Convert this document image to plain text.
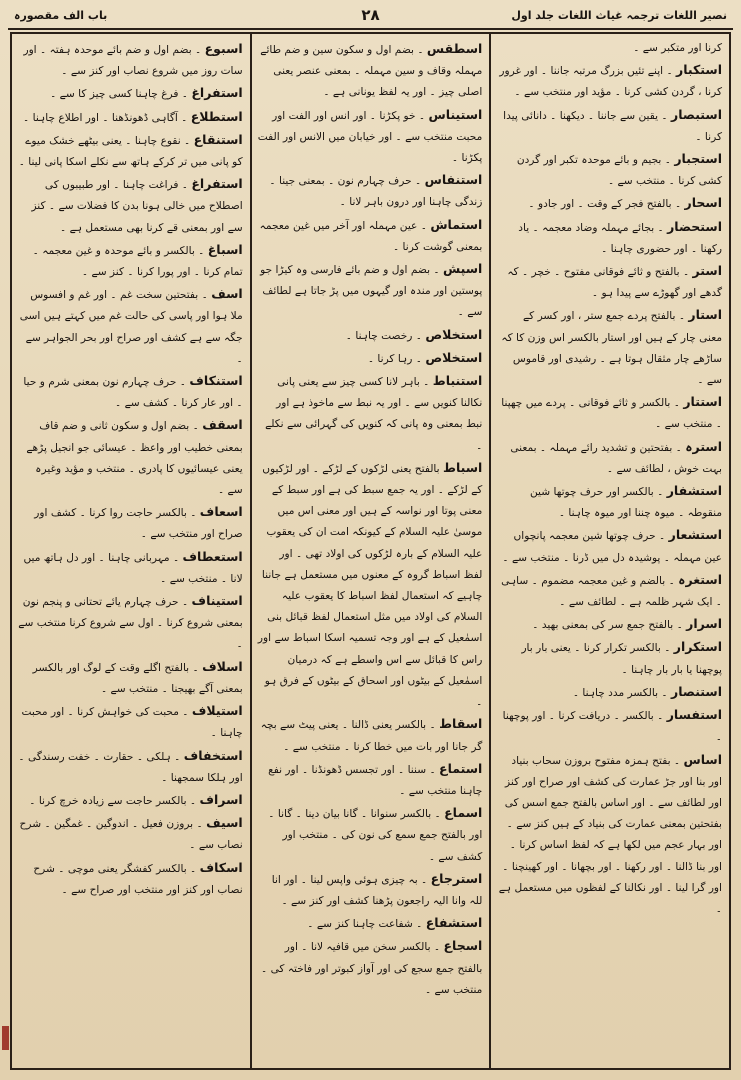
نصیر اللغات ترجمہ غیاث اللغات جلد اول
۲۸
باب الف مقصورہ

کرنا اور متکبر سے ۔

استکبار ۔ اپنے تئیں بزرگ مرتبہ جاننا ۔ اور غرور کرنا ، گردن کشی کرنا ۔ مؤید اور منتخب سے ۔

استبصار ۔ یقین سے جاننا ۔ دیکھنا ۔ دانائی پیدا کرنا ۔

استجبار ۔ بجیم و بائے موحدہ تکبر اور گردن کشی کرنا ۔ منتخب سے ۔

اسحار ۔ بالفتح فجر کے وقت ۔ اور جادو ۔

استحضار ۔ بجائے مہملہ وضاد معجمہ ۔ یاد رکھنا ۔ اور حضوری چاہنا ۔

استر ۔ بالفتح و ثائے فوقانی مفتوح ۔ خچر ۔ کہ گدھے اور گھوڑے سے پیدا ہو ۔

استار ۔ بالفتح پردے جمع ستر ، اور کسر کے معنی چار کے ہیں اور استار بالکسر اس وزن کا کہ ساڑھے چار مثقال ہوتا ہے ۔ رشیدی اور قاموس سے ۔

استتار ۔ بالکسر و ثائے فوقانی ۔ پردے میں چھپنا ۔ منتخب سے ۔

استرہ ۔ بفتحتین و تشدید رائے مہملہ ۔ بمعنی بہت خوش ، لطائف سے ۔

استشفار ۔ بالکسر اور حرف چوتھا شین منقوطہ ۔ میوہ چننا اور میوہ چاہنا ۔

استشعار ۔ حرف چوتھا شین معجمہ پانچواں عین مہملہ ۔ پوشیدہ دل میں ڈرنا ۔ منتخب سے ۔

استغرہ ۔ بالضم و غین معجمہ مضموم ۔ ساہی ۔ ایک شہر ظلمہ ہے ۔ لطائف سے ۔

اسرار ۔ بالفتح جمع سر کی بمعنی بھید ۔

استکرار ۔ بالکسر تکرار کرنا ۔ یعنی بار بار پوچھنا یا بار بار چاہنا ۔

استنصار ۔ بالکسر مدد چاہنا ۔

استفسار ۔ بالکسر ۔ دریافت کرنا ۔ اور پوچھنا ۔

اساس ۔ بفتح ہمزہ مفتوح بروزن سحاب بنیاد اور بنا اور جڑ عمارت کی کشف اور صراح اور کنز اور لطائف سے ۔ اور اساس بالفتح جمع اسس کی بفتحتین بمعنی عمارت کی بنیاد کے ہیں کنز سے ۔ اور بہار عجم میں لکھا ہے کہ لفظ اساس کرنا ۔ اور بنا ڈالنا ۔ اور رکھنا ۔ اور بچھانا ۔ اور کھینچنا ۔ اور گرا لینا ۔ اور نکالنا کے لفظوں میں مستعمل ہے ۔

اسطقس ۔ بضم اول و سکون سین و ضم طائے مہملہ وقاف و سین مہملہ ۔ بمعنی عنصر یعنی اصلی چیز ۔ اور یہ لفظ یونانی ہے ۔

استیناس ۔ خو پکڑنا ۔ اور انس اور الفت اور محبت منتخب سے ۔ اور خیابان میں الانس اور الفت پکڑنا ۔

استنفاس ۔ حرف چہارم نون ۔ بمعنی جینا ۔ زندگی چاہنا اور درون باہر لانا ۔

استماش ۔ عین مہملہ اور آخر میں غین معجمہ بمعنی گوشت کرنا ۔

اسپش ۔ بضم اول و ضم بائے فارسی وہ کیڑا جو پوستین اور مندہ اور گیہوں میں پڑ جاتا ہے لطائف سے ۔

استخلاص ۔ رخصت چاہنا ۔

استخلاص ۔ رہا کرنا ۔

استنباط ۔ باہر لانا کسی چیز سے یعنی پانی نکالنا کنویں سے ۔ اور یہ نبط سے ماخوذ ہے اور نبط بمعنی وہ پانی کہ کنویں کی گہرائی سے نکلے ۔

اسباط بالفتح یعنی لڑکوں کے لڑکے ۔ اور لڑکیوں کے لڑکے ۔ اور یہ جمع سبط کی ہے اور سبط کے معنی پوتا اور نواسہ کے ہیں اور معنی اس میں موسیٰ علیہ السلام کے کیونکہ امت ان کی یعقوب علیہ السلام کے بارہ لڑکوں کی اولاد تھی ۔ اور لفظ اسباط گروہ کے معنوں میں مستعمل ہے جاننا چاہیے کہ استعمال لفظ اسباط کا یعقوب علیہ السلام کی اولاد میں مثل استعمال لفظ قبائل بنی اسمٰعیل کے ہے اور وجہ تسمیہ اسکا اسباط سے اور راس کا قبائل سے اس واسطے ہے کہ درمیان اسمٰعیل کے بیٹوں اور اسحاق کے بیٹوں کے فرق ہو ۔

اسقاط ۔ بالکسر یعنی ڈالنا ۔ یعنی پیٹ سے بچہ گر جانا اور بات میں خطا کرنا ۔ منتخب سے ۔

استماع ۔ سننا ۔ اور تجسس ڈھونڈنا ۔ اور نفع چاہنا منتخب سے ۔

اسماع ۔ بالکسر سنوانا ۔ گانا بیان دینا ۔ گانا ۔ اور بالفتح جمع سمع کی نون کی ۔ منتخب اور کشف سے ۔

استرجاع ۔ بہ چیزی ہوئی واپس لینا ۔ اور انا للہ وانا الیہ راجعون پڑھنا کشف اور کنز سے ۔

استشفاع ۔ شفاعت چاہنا کنز سے ۔

اسجاع ۔ بالکسر سخن میں قافیہ لانا ۔ اور بالفتح جمع سجع کی اور آواز کبوتر اور فاختہ کی ۔ منتخب سے ۔

اسبوع ۔ بضم اول و ضم بائے موحدہ ہفتہ ۔ اور سات روز میں شروع نصاب اور کنز سے ۔

استفراغ ۔ فرغ چاہنا کسی چیز کا سے ۔

استطلاع ۔ آگاہی ڈھونڈھنا ۔ اور اطلاع چاہنا ۔

استنقاع ۔ نقوع چاہنا ۔ یعنی بیٹھے خشک میوے کو پانی میں تر کرکے ہاتھ سے نکلے اسکا پانی لینا ۔

استفراغ ۔ فراغت چاہنا ۔ اور طبیبوں کی اصطلاح میں خالی ہونا بدن کا فضلات سے ۔ کنز سے اور بمعنی قے کرنا بھی مستعمل ہے ۔

اسباغ ۔ بالکسر و بائے موحدہ و غین معجمہ ۔ تمام کرنا ۔ اور پورا کرنا ۔ کنز سے ۔

اسف ۔ بفتحتین سخت غم ۔ اور غم و افسوس ملا ہوا اور پاسی کی حالت غم میں کہتے ہیں اسی جگہ سے ہے کشف اور صراح اور بحر الجواہر سے ۔

استنکاف ۔ حرف چہارم نون بمعنی شرم و حیا ۔ اور عار کرنا ۔ کشف سے ۔

اسقف ۔ بضم اول و سکون ثانی و ضم قاف بمعنی خطیب اور واعظ ۔ عیسائی جو انجیل پڑھے یعنی عیسائیوں کا پادری ۔ منتخب و مؤید وغیرہ سے ۔

اسعاف ۔ بالکسر حاجت روا کرنا ۔ کشف اور صراح اور منتخب سے ۔

استعطاف ۔ مہربانی چاہنا ۔ اور دل ہاتھ میں لانا ۔ منتخب سے ۔

استیناف ۔ حرف چہارم یائے تحتانی و پنجم نون بمعنی شروع کرنا ۔ اول سے شروع کرنا منتخب سے ۔

اسلاف ۔ بالفتح اگلے وقت کے لوگ اور بالکسر بمعنی آگے بھیجنا ۔ منتخب سے ۔

استیلاف ۔ محبت کی خواہش کرنا ۔ اور محبت چاہنا ۔

استخفاف ۔ ہلکی ۔ حقارت ۔ خفت رسندگی ۔ اور ہلکا سمجھنا ۔

اسراف ۔ بالکسر حاجت سے زیادہ خرچ کرنا ۔

اسیف ۔ بروزن فعیل ۔ اندوگین ۔ غمگین ۔ شرح نصاب سے ۔

اسکاف ۔ بالکسر کفشگر یعنی موچی ۔ شرح نصاب اور کنز اور منتخب اور صراح سے ۔
